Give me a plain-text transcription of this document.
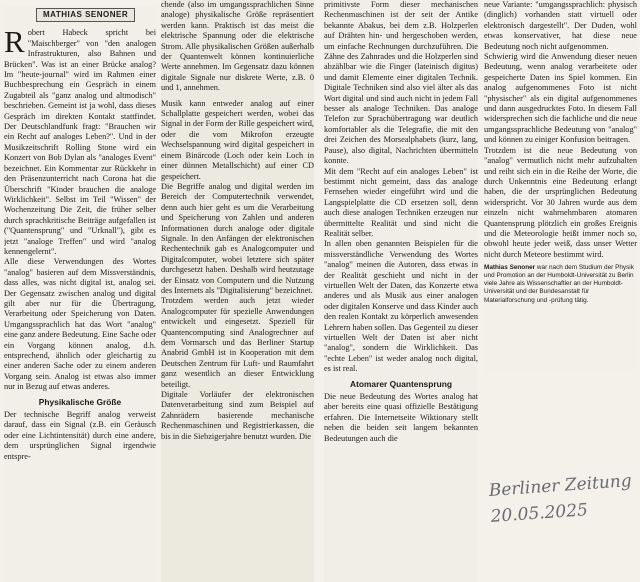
MATHIAS SENONER

Robert Habeck spricht bei "Maischberger" von "den analogen Infrastrukturen, also Bahnen und Brücken". Was ist an einer Brücke analog? Im "heute-journal" wird im Rahmen einer Buchbesprechung ein Gespräch in einem Zugabteil als "ganz analog und altmodisch" beschrieben. Gemeint ist ja wohl, dass dieses Gespräch im direkten Kontakt stattfindet. Der Deutschlandfunk fragt: "Brauchen wir ein Recht auf analoges Leben?". Und in der Musikzeitschrift Rolling Stone wird ein Konzert von Bob Dylan als "analoges Event" bezeichnet. Ein Kommentar zur Rückkehr in den Präsenzunterricht nach Corona hat die Überschrift "Kinder brauchen die analoge Wirklichkeit". Selbst im Teil "Wissen" der Wochenzeitung Die Zeit, die früher selber durch sprachkritische Beiträge aufgefallen ist ("Quantensprung" und "Urknall"), gibt es jetzt "analoge Treffen" und wird "analog kennengelernt".

Alle diese Verwendungen des Wortes "analog" basieren auf dem Missverständnis, dass alles, was nicht digital ist, analog sei. Der Gegensatz zwischen analog und digital gilt aber nur für die Übertragung, Verarbeitung oder Speicherung von Daten. Umgangssprachlich hat das Wort "analog" eine ganz andere Bedeutung. Eine Sache oder ein Vorgang können analog, d.h. entsprechend, ähnlich oder gleichartig zu einer anderen Sache oder zu einem anderen Vorgang sein. Analog ist etwas also immer nur in Bezug auf etwas anderes.

Physikalische Größe

Der technische Begriff analog verweist darauf, dass ein Signal (z.B. ein Geräusch oder eine Lichtintensität) durch eine andere, dem ursprünglichen Signal irgendwie entspre-

chende (also im umgangssprachlichen Sinne analoge) physikalische Größe repräsentiert werden kann. Praktisch ist das meist die elektrische Spannung oder die elektrische Strom. Alle physikalischen Größen außerhalb der Quantenwelt können kontinuierliche Werte annehmen. Im Gegensatz dazu können digitale Signale nur diskrete Werte, z.B. 0 und 1, annehmen.

Musik kann entweder analog auf einer Schallplatte gespeichert werden, wobei das Signal in der Form der Rille gespeichert wird, oder die vom Mikrofon erzeugte Wechselspannung wird digital gespeichert in einem Binärcode (Loch oder kein Loch in einer dünnen Metallschicht) auf einer CD gespeichert.

Die Begriffe analog und digital werden im Bereich der Computertechnik verwendet, denn auch hier geht es um die Verarbeitung und Speicherung von Zahlen und anderen Informationen durch analoge oder digitale Signale. In den Anfängen der elektronischen Rechentechnik gab es Analogcomputer und Digitalcomputer, wobei letztere sich später durchgesetzt haben. Deshalb wird heutzutage der Einsatz von Computern und die Nutzung des Internets als "Digitalisierung" bezeichnet.

Trotzdem werden auch jetzt wieder Analogcomputer für spezielle Anwendungen entwickelt und eingesetzt. Speziell für Quantencomputing sind Analogrechner auf dem Vormarsch und das Berliner Startup Anabrid GmbH ist in Kooperation mit dem Deutschen Zentrum für Luft- und Raumfahrt ganz wesentlich an dieser Entwicklung beteiligt.

Digitale Vorläufer der elektronischen Datenverarbeitung sind zum Beispiel auf Zahnrädern basierende mechanische Rechenmaschinen und Registrierkassen, die bis in die Siebzigerjahre benutzt wurden. Die

primitivste Form dieser mechanischen Rechenmaschinen ist der seit der Antike bekannte Abakus, bei dem z.B. Holzperlen auf Drähten hin- und hergeschoben werden, um einfache Rechnungen durchzuführen. Die Zähne des Zahnrades und die Holzperlen sind abzählbar wie die Finger (lateinisch digitus) und damit Elemente einer digitalen Technik. Digitale Techniken sind also viel älter als das Wort digital und sind auch nicht in jedem Fall besser als analoge Techniken. Das analoge Telefon zur Sprachübertragung war deutlich komfortabler als die Telegrafie, die mit den drei Zeichen des Morsealphabets (kurz, lang, Pause), also digital, Nachrichten übermitteln konnte.

Mit dem "Recht auf ein analoges Leben" ist bestimmt nicht gemeint, dass das analoge Fernsehen wieder eingeführt wird und die Langspielplatte die CD ersetzen soll, denn auch diese analogen Techniken erzeugen nur übermittelte Realität und sind nicht die Realität selber.

In allen oben genannten Beispielen für die missverständliche Verwendung des Wortes "analog" meinen die Autoren, dass etwas in der Realität geschieht und nicht in der virtuellen Welt der Daten, das Konzerte etwa anderes und als Musik aus einer analogen oder digitalen Konserve und dass Kinder auch den realen Kontakt zu körperlich anwesenden Lehrern haben sollen. Das Gegenteil zu dieser virtuellen Welt der Daten ist aber nicht "analog", sondern die Wirklichkeit. Das "echte Leben" ist weder analog noch digital, es ist real.

Atomarer Quantensprung

Die neue Bedeutung des Wortes analog hat aber bereits eine quasi offizielle Bestätigung erfahren. Die Internetseite Wiktionary stellt neben die beiden seit langem bekannten Bedeutungen auch die

neue Variante: "umgangssprachlich: physisch (dinglich) vorhanden statt virtuell oder elektronisch dargestellt". Der Duden, wohl etwas konservativer, hat diese neue Bedeutung noch nicht aufgenommen.

Schwierig wird die Anwendung dieser neuen Bedeutung, wenn analog verarbeitete oder gespeicherte Daten ins Spiel kommen. Ein analog aufgenommenes Foto ist nicht "physischer" als ein digital aufgenommenes und dann ausgedrucktes Foto. In diesem Fall widersprechen sich die fachliche und die neue umgangssprachliche Bedeutung von "analog" und können zu einiger Konfusion beitragen.

Trotzdem ist die neue Bedeutung von "analog" vermutlich nicht mehr aufzuhalten und reiht sich ein in die Reihe der Worte, die durch Unkenntnis eine Bedeutung erlangt haben, die der ursprünglichen Bedeutung widerspricht. Vor 30 Jahren wurde aus dem einzeln nicht wahrnehmbaren atomaren Quantensprung plötzlich ein großes Ereignis und die Meteorologie heißt immer noch so, obwohl heute jeder weiß, dass unser Wetter nicht durch Meteore bestimmt wird.

Mathias Senoner war nach dem Studium der Physik und Promotion an der Humboldt-Universität zu Berlin viele Jahre als Wissenschaftler an der Humboldt-Universität und der Bundesanstalt für Materialforschung und -prüfung tätig.
Berliner Zeitung
20.05.2025
